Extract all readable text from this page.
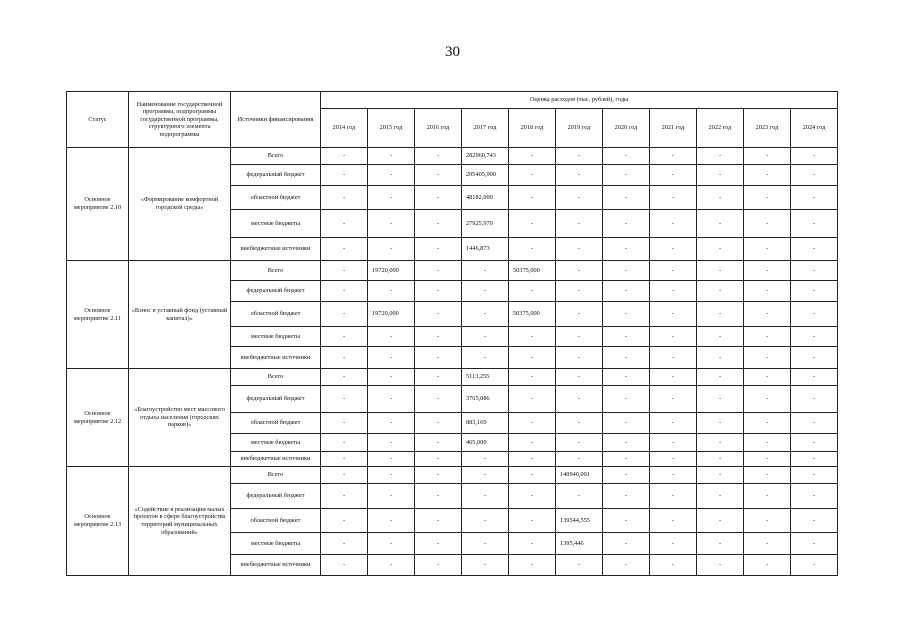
30
Статус	Наименование государственной программы, подпрограммы государственной программы, структурного элемента подпрограммы	Источники финансирования	Оценка расходов (тыс. рублей), годы										
			2014 год	2015 год	2016 год	2017 год	2018 год	2019 год	2020 год	2021 год	2022 год	2023 год	2024 год
Основное мероприятие 2.10	«Формирование комфортной городской среды»	Всего	-	-	-	282960,743	-	-	-	-	-	-	-
		федеральный бюджет	-	-	-	205405,900	-	-	-	-	-	-	-
		областной бюджет	-	-	-	48182,000	-	-	-	-	-	-	-
		местные бюджеты	-	-	-	27925,970	-	-	-	-	-	-	-
		внебюджетные источники	-	-	-	1446,873	-	-	-	-	-	-	-
Основное мероприятие 2.11	«Взнос в уставный фонд (уставный капитал)»	Всего	-	19720,000	-	-	50375,000	-	-	-	-	-	-
		федеральный бюджет	-	-	-	-	-	-	-	-	-	-	-
		областной бюджет	-	19720,000	-	-	50375,000	-	-	-	-	-	-
		местные бюджеты	-	-	-	-	-	-	-	-	-	-	-
		внебюджетные источники	-	-	-	-	-	-	-	-	-	-	-
Основное мероприятие 2.12	«Благоустройство мест массового отдыха населения (городских парков)»	Всего	-	-	-	5113,255	-	-	-	-	-	-	-
		федеральный бюджет	-	-	-	3765,086	-	-	-	-	-	-	-
		областной бюджет	-	-	-	883,169	-	-	-	-	-	-	-
		местные бюджеты	-	-	-	465,000	-	-	-	-	-	-	-
		внебюджетные источники	-	-	-	-	-	-	-	-	-	-	-
Основное мероприятие 2.13	«Содействие в реализации малых проектов в сфере благоустройства территорий муниципальных образований»	Всего	-	-	-	-	-	140940,001	-	-	-	-	-
		федеральный бюджет	-	-	-	-	-	-	-	-	-	-	-
		областной бюджет	-	-	-	-	-	139544,555	-	-	-	-	-
		местные бюджеты	-	-	-	-	-	1395,446	-	-	-	-	-
		внебюджетные источники	-	-	-	-	-	-	-	-	-	-	-
